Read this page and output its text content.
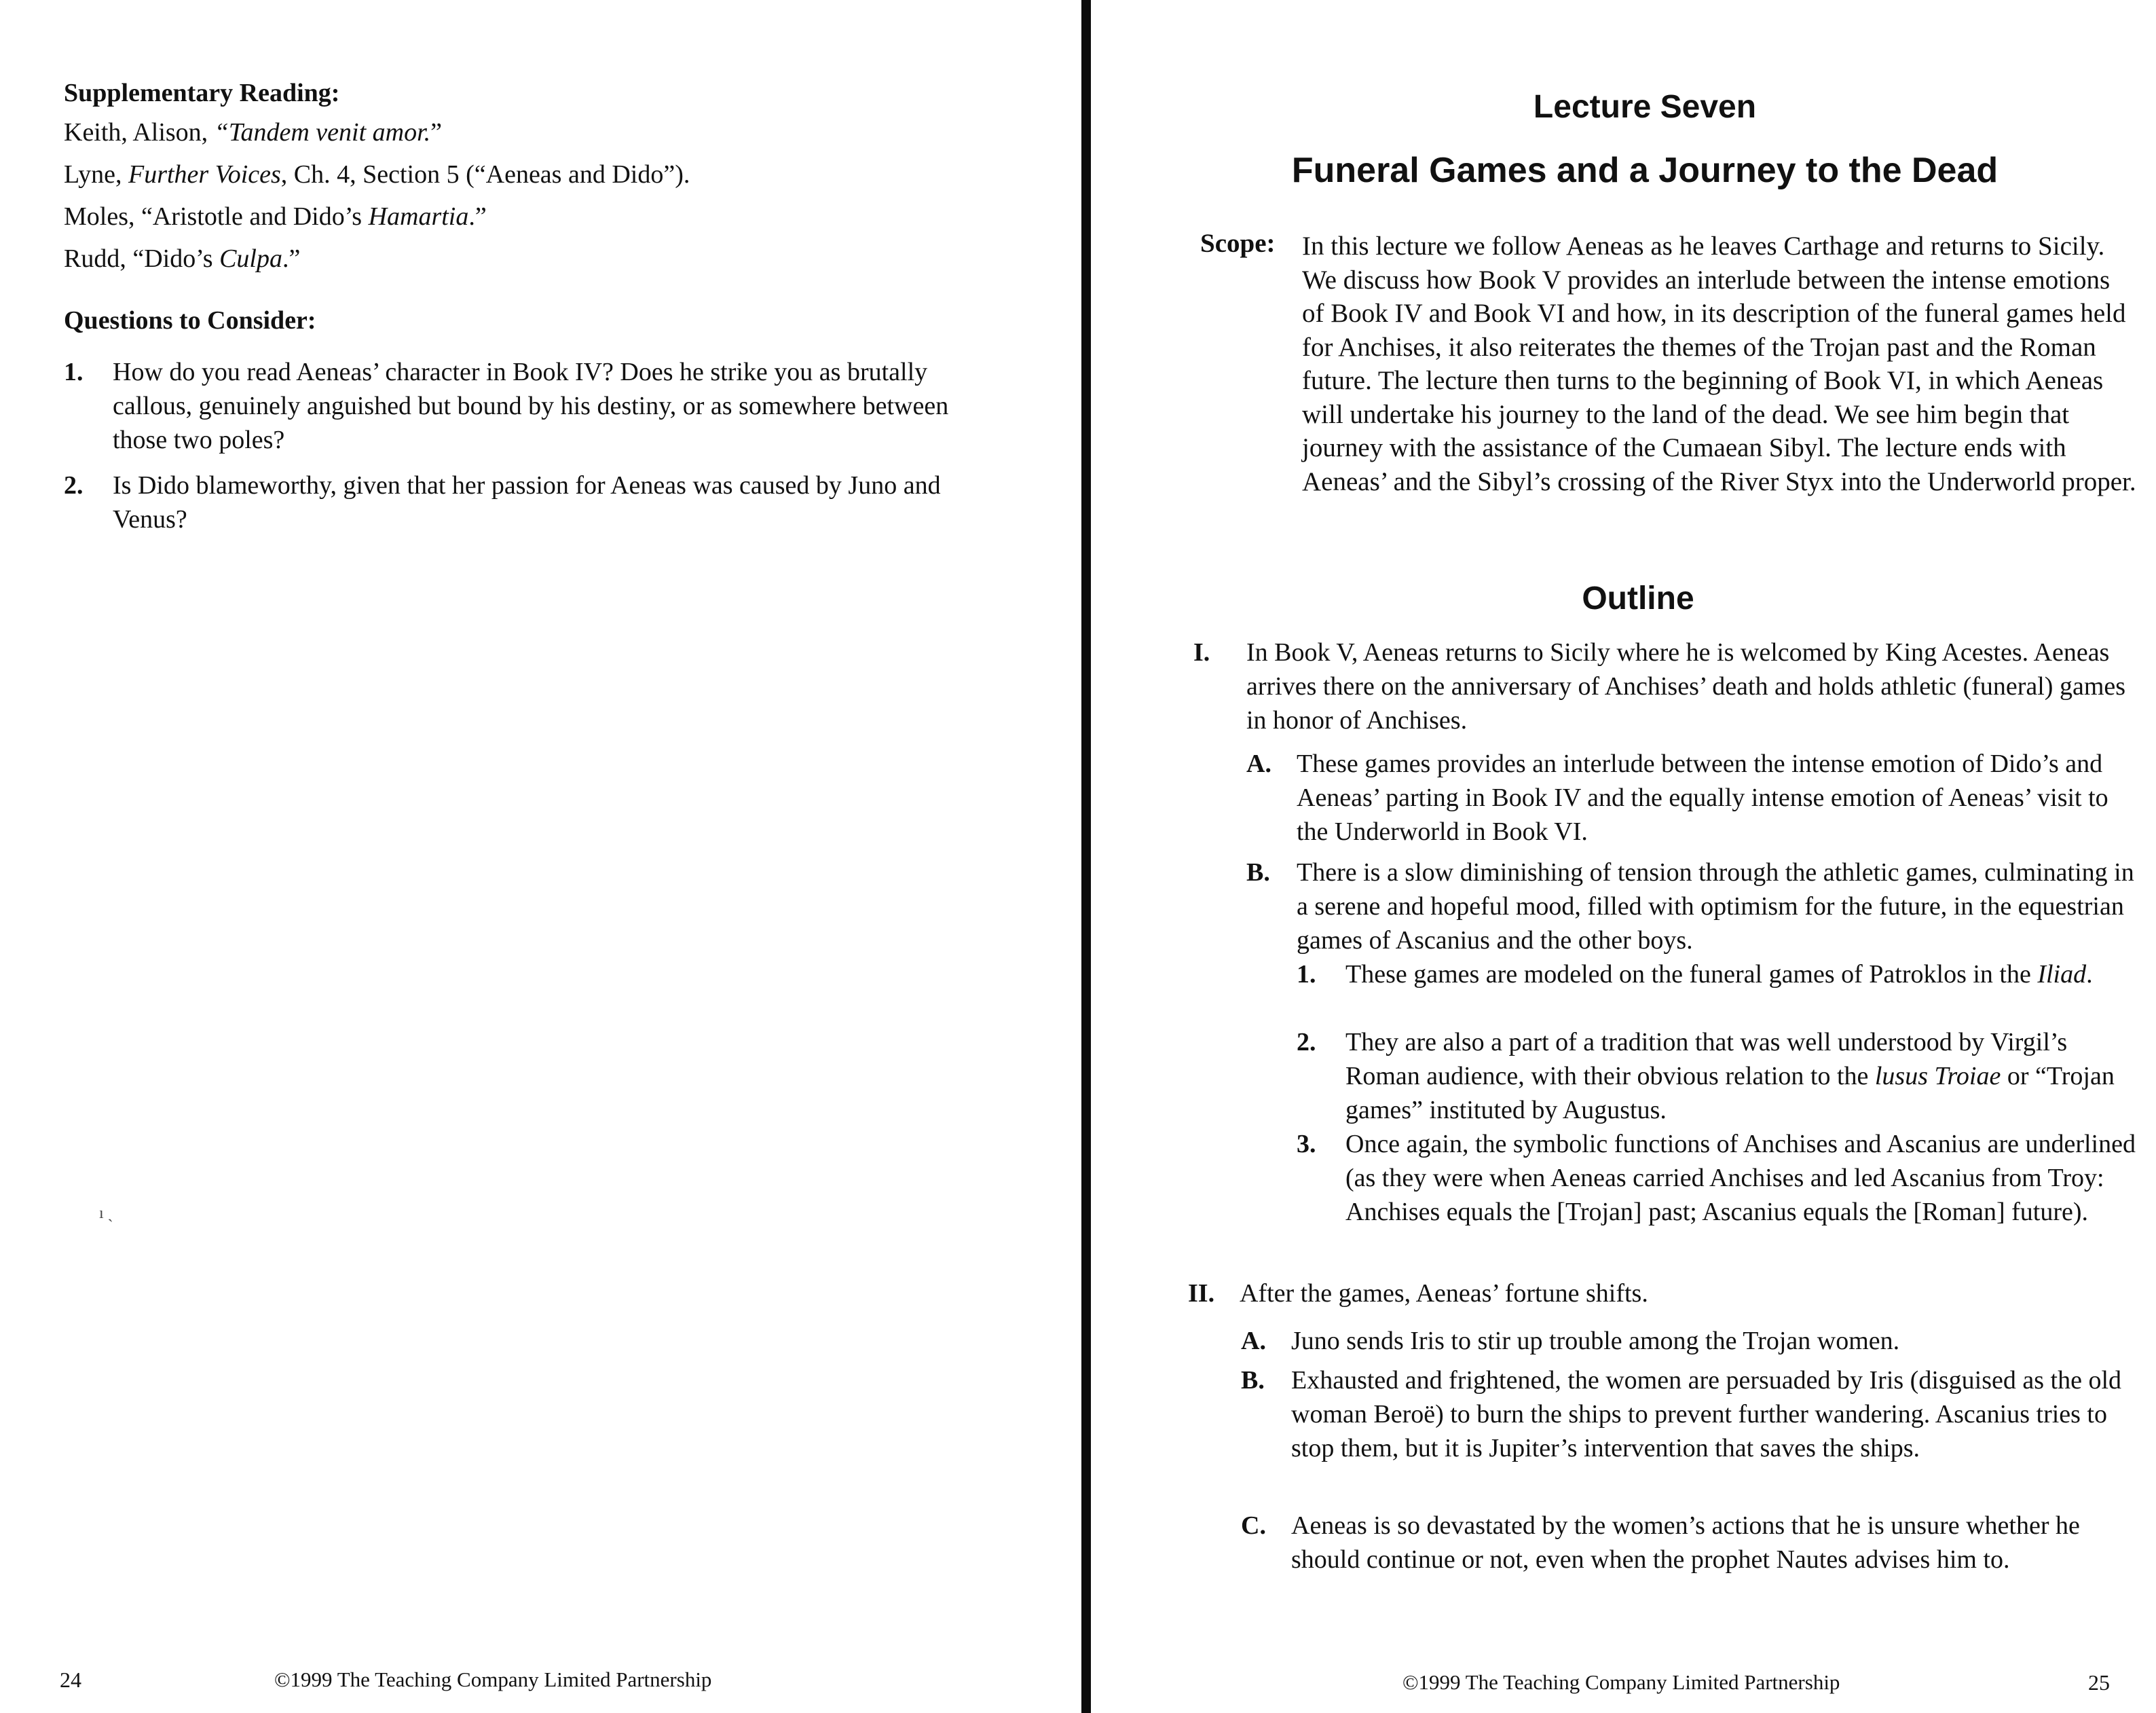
Supplementary Reading:
Keith, Alison, “Tandem venit amor.”
Lyne, Further Voices, Ch. 4, Section 5 (“Aeneas and Dido”).
Moles, “Aristotle and Dido’s Hamartia.”
Rudd, “Dido’s Culpa.”
Questions to Consider:
1. How do you read Aeneas’ character in Book IV? Does he strike you as brutally callous, genuinely anguished but bound by his destiny, or as somewhere between those two poles?
2. Is Dido blameworthy, given that her passion for Aeneas was caused by Juno and Venus?
ı ˎ
24	©1999 The Teaching Company Limited Partnership
Lecture Seven
Funeral Games and a Journey to the Dead
Scope: In this lecture we follow Aeneas as he leaves Carthage and returns to Sicily. We discuss how Book V provides an interlude between the intense emotions of Book IV and Book VI and how, in its description of the funeral games held for Anchises, it also reiterates the themes of the Trojan past and the Roman future. The lecture then turns to the beginning of Book VI, in which Aeneas will undertake his journey to the land of the dead. We see him begin that journey with the assistance of the Cumaean Sibyl. The lecture ends with Aeneas’ and the Sibyl’s crossing of the River Styx into the Underworld proper.
Outline
I. In Book V, Aeneas returns to Sicily where he is welcomed by King Acestes. Aeneas arrives there on the anniversary of Anchises’ death and holds athletic (funeral) games in honor of Anchises.
A. These games provides an interlude between the intense emotion of Dido’s and Aeneas’ parting in Book IV and the equally intense emotion of Aeneas’ visit to the Underworld in Book VI.
B. There is a slow diminishing of tension through the athletic games, culminating in a serene and hopeful mood, filled with optimism for the future, in the equestrian games of Ascanius and the other boys.
1. These games are modeled on the funeral games of Patroklos in the Iliad.
2. They are also a part of a tradition that was well understood by Virgil’s Roman audience, with their obvious relation to the lusus Troiae or “Trojan games” instituted by Augustus.
3. Once again, the symbolic functions of Anchises and Ascanius are underlined (as they were when Aeneas carried Anchises and led Ascanius from Troy: Anchises equals the [Trojan] past; Ascanius equals the [Roman] future).
II. After the games, Aeneas’ fortune shifts.
A. Juno sends Iris to stir up trouble among the Trojan women.
B. Exhausted and frightened, the women are persuaded by Iris (disguised as the old woman Beroë) to burn the ships to prevent further wandering. Ascanius tries to stop them, but it is Jupiter’s intervention that saves the ships.
C. Aeneas is so devastated by the women’s actions that he is unsure whether he should continue or not, even when the prophet Nautes advises him to.
©1999 The Teaching Company Limited Partnership	25
